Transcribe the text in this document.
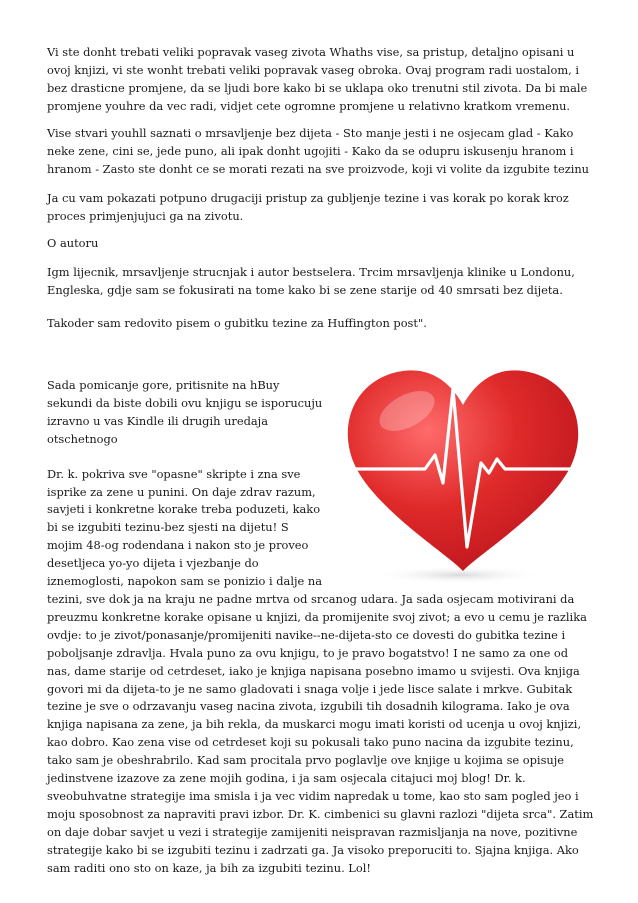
Vi ste donht trebati veliki popravak vaseg zivota Whaths vise, sa pristup, detaljno opisani u ovoj knjizi, vi ste wonht trebati veliki popravak vaseg obroka. Ovaj program radi uostalom, i bez drasticne promjene, da se ljudi bore kako bi se uklapa oko trenutni stil zivota. Da bi male promjene youhre da vec radi, vidjet cete ogromne promjene u relativno kratkom vremenu.

Vise stvari youhll saznati o mrsavljenje bez dijeta - Sto manje jesti i ne osjecam glad - Kako neke zene, cini se, jede puno, ali ipak donht ugojiti - Kako da se odupru iskusenju hranom i hranom - Zasto ste donht ce se morati rezati na sve proizvode, koji vi volite da izgubite tezinu

Ja cu vam pokazati potpuno drugaciji pristup za gubljenje tezine i vas korak po korak kroz proces primjenjujuci ga na zivotu.

O autoru

Igm lijecnik, mrsavljenje strucnjak i autor bestselera. Trcim mrsavljenja klinike u Londonu, Engleska, gdje sam se fokusirati na tome kako bi se zene starije od 40 smrsati bez dijeta.

Takoder sam redovito pisem o gubitku tezine za Huffington post".

Sada pomicanje gore, pritisnite na hBuy sekundi da biste dobili ovu knjigu se isporucuju izravno u vas Kindle ili drugih uredaja otschetnogo

Dr. k. pokriva sve "opasne" skripte i zna sve isprike za zene u punini. On daje zdrav razum, savjeti i konkretne korake treba poduzeti, kako bi se izgubiti tezinu-bez sjesti na dijetu! S mojim 48-og rodendana i nakon sto je proveo desetljeca yo-yo dijeta i vjezbanje do iznemoglosti, napokon sam se ponizio i dalje na tezini, sve dok ja na kraju ne padne mrtva od srcanog udara. Ja sada osjecam motivirani da preuzmu konkretne korake opisane u knjizi, da promijenite svoj zivot; a evo u cemu je razlika ovdje: to je zivot/ponasanje/promijeniti navike--ne-dijeta-sto ce dovesti do gubitka tezine i poboljsanje zdravlja. Hvala puno za ovu knjigu, to je pravo bogatstvo! I ne samo za one od nas, dame starije od cetrdeset, iako je knjiga napisana posebno imamo u svijesti. Ova knjiga govori mi da dijeta-to je ne samo gladovati i snaga volje i jede lisce salate i mrkve. Gubitak tezine je sve o odrzavanju vaseg nacina zivota, izgubili tih dosadnih kilograma. Iako je ova knjiga napisana za zene, ja bih rekla, da muskarci mogu imati koristi od ucenja u ovoj knjizi, kao dobro. Kao zena vise od cetrdeset koji su pokusali tako puno nacina da izgubite tezinu, tako sam je obeshrabrilo. Kad sam procitala prvo poglavlje ove knjige u kojima se opisuje jedinstvene izazove za zene mojih godina, i ja sam osjecala citajuci moj blog! Dr. k. sveobuhvatne strategije ima smisla i ja vec vidim napredak u tome, kao sto sam pogled jeo i moju sposobnost za napraviti pravi izbor. Dr. K. cimbenici su glavni razlozi "dijeta srca". Zatim on daje dobar savjet u vezi i strategije zamijeniti neispravan razmisljanja na nove, pozitivne strategije kako bi se izgubiti tezinu i zadrzati ga. Ja visoko preporuciti to. Sjajna knjiga. Ako sam raditi ono sto on kaze, ja bih za izgubiti tezinu. Lol!
